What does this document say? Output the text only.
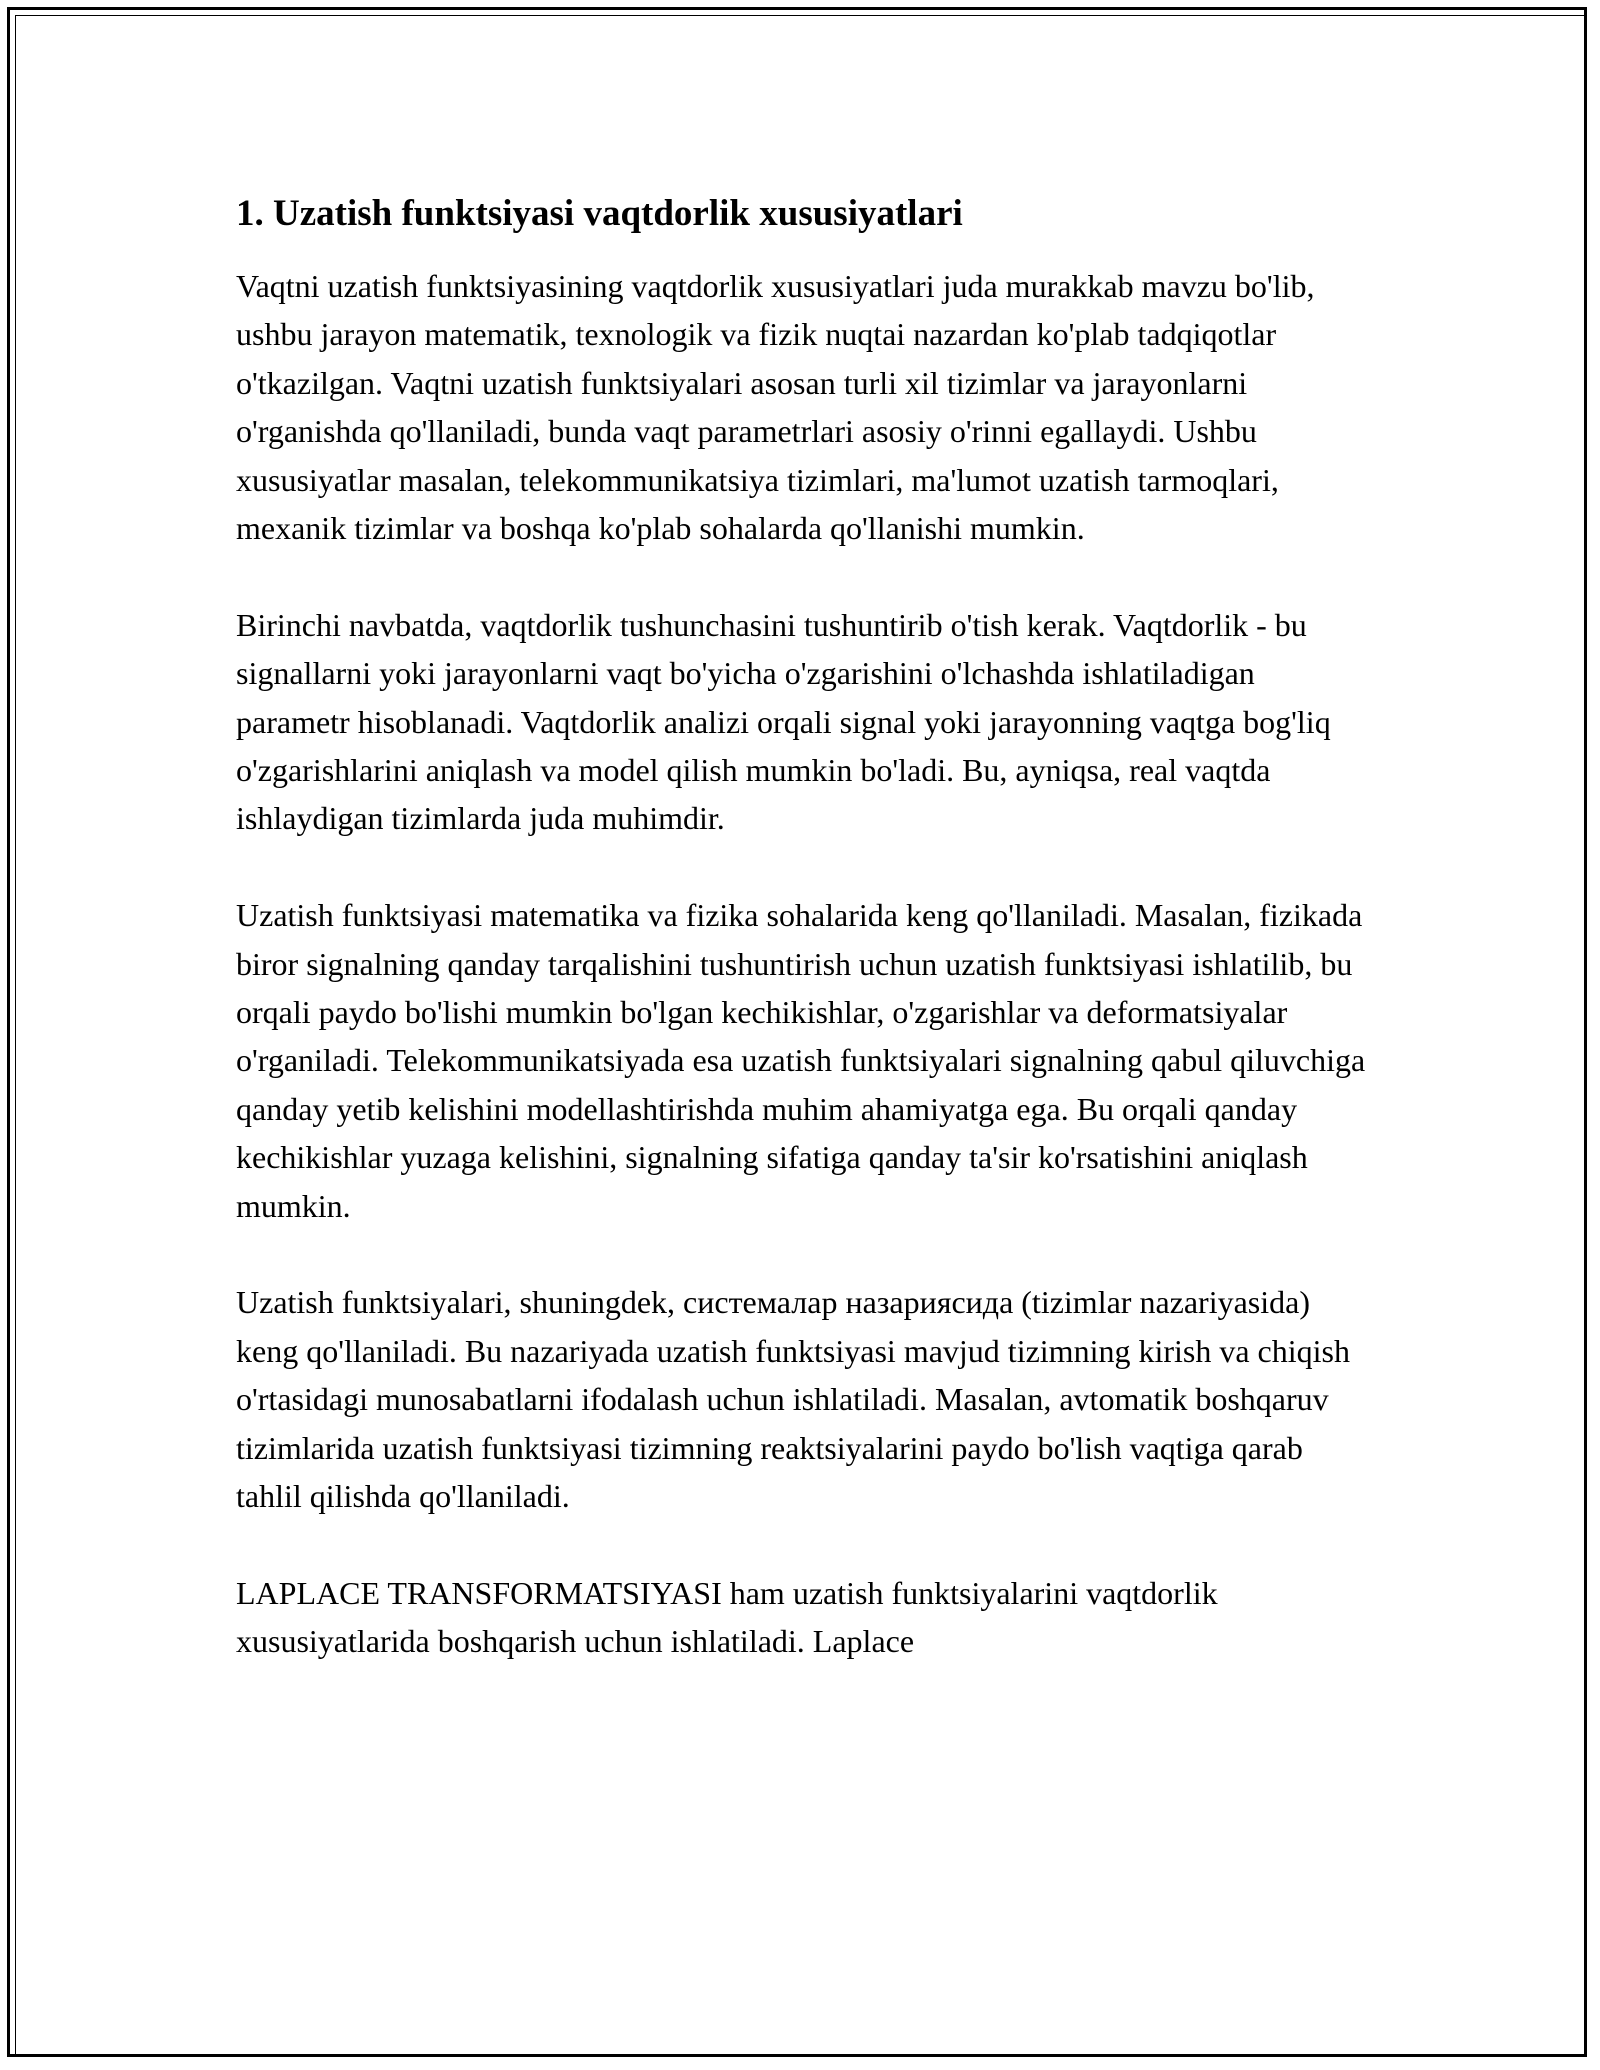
1. Uzatish funktsiyasi vaqtdorlik xususiyatlari

Vaqtni uzatish funktsiyasining vaqtdorlik xususiyatlari juda murakkab mavzu bo'lib, ushbu jarayon matematik, texnologik va fizik nuqtai nazardan ko'plab tadqiqotlar o'tkazilgan. Vaqtni uzatish funktsiyalari asosan turli xil tizimlar va jarayonlarni o'rganishda qo'llaniladi, bunda vaqt parametrlari asosiy o'rinni egallaydi. Ushbu xususiyatlar masalan, telekommunikatsiya tizimlari, ma'lumot uzatish tarmoqlari, mexanik tizimlar va boshqa ko'plab sohalarda qo'llanishi mumkin.

Birinchi navbatda, vaqtdorlik tushunchasini tushuntirib o'tish kerak. Vaqtdorlik - bu signallarni yoki jarayonlarni vaqt bo'yicha o'zgarishini o'lchashda ishlatiladigan parametr hisoblanadi. Vaqtdorlik analizi orqali signal yoki jarayonning vaqtga bog'liq o'zgarishlarini aniqlash va model qilish mumkin bo'ladi. Bu, ayniqsa, real vaqtda ishlaydigan tizimlarda juda muhimdir.

Uzatish funktsiyasi matematika va fizika sohalarida keng qo'llaniladi. Masalan, fizikada biror signalning qanday tarqalishini tushuntirish uchun uzatish funktsiyasi ishlatilib, bu orqali paydo bo'lishi mumkin bo'lgan kechikishlar, o'zgarishlar va deformatsiyalar o'rganiladi. Telekommunikatsiyada esa uzatish funktsiyalari signalning qabul qiluvchiga qanday yetib kelishini modellashtirishda muhim ahamiyatga ega. Bu orqali qanday kechikishlar yuzaga kelishini, signalning sifatiga qanday ta'sir ko'rsatishini aniqlash mumkin.

Uzatish funktsiyalari, shuningdek, системалар назариясида (tizimlar nazariyasida) keng qo'llaniladi. Bu nazariyada uzatish funktsiyasi mavjud tizimning kirish va chiqish o'rtasidagi munosabatlarni ifodalash uchun ishlatiladi. Masalan, avtomatik boshqaruv tizimlarida uzatish funktsiyasi tizimning reaktsiyalarini paydo bo'lish vaqtiga qarab tahlil qilishda qo'llaniladi.

LAPLACE TRANSFORMATSIYASI ham uzatish funktsiyalarini vaqtdorlik xususiyatlarida boshqarish uchun ishlatiladi. Laplace
